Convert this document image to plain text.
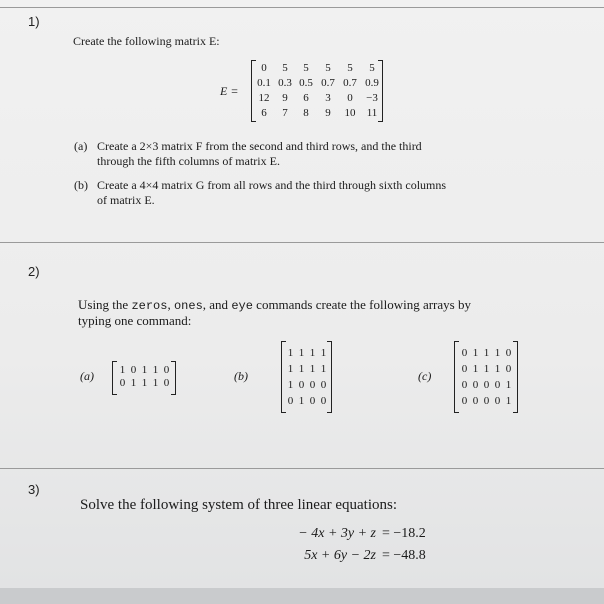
1)
Create the following matrix E:
E =
0	5	5	5	5	5
0.1 0.3 0.5 0.7 0.7 0.9
12	9	6	3	0	−3
6	7	8	9	10	11
(a) Create a 2×3 matrix F from the second and third rows, and the third
through the fifth columns of matrix E.
(b) Create a 4×4 matrix G from all rows and the third through sixth columns
of matrix E.
2)
Using the zeros, ones, and eye commands create the following arrays by
typing one command:
(a) 1 0 1 1 0
0 1 1 1 0	(b)
1 1 1 1
1 1 1 1
1 0 0 0
0 1 0 0
(c)
0 1 1 1 0
0 1 1 1 0
0 0 0 0 1
0 0 0 0 1
3)
Solve the following system of three linear equations:
− 4x + 3y + z = −18.2
5x + 6y − 2z = −48.8
